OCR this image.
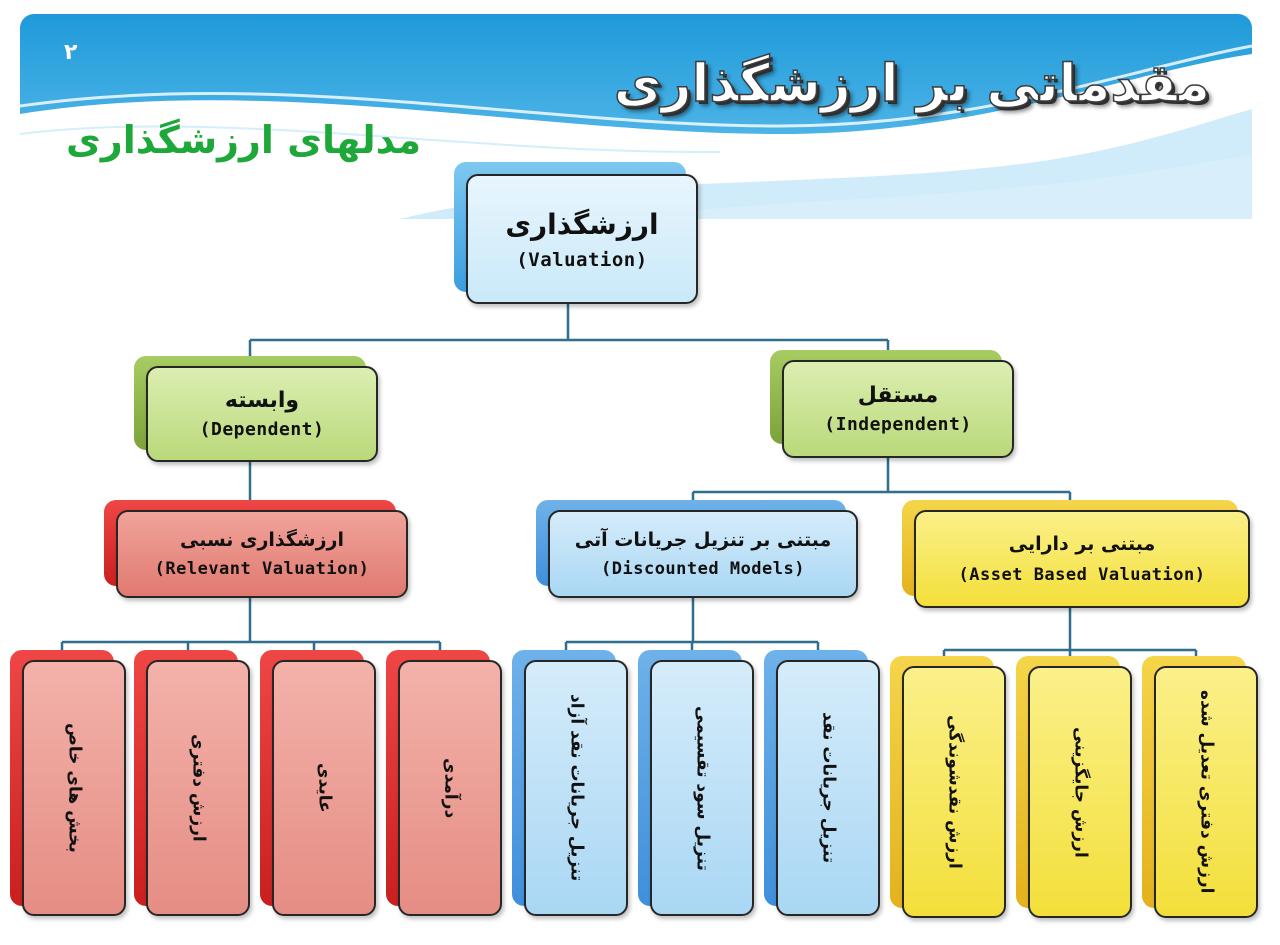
۲
مقدماتی بر ارزشگذاری
مدلهای ارزشگذاری
ارزشگذاری
(Valuation)
وابسته
(Dependent)
مستقل
(Independent)
ارزشگذاری نسبی
(Relevant Valuation)
مبتنی بر تنزیل جریانات آتی
(Discounted Models)
مبتنی بر دارایی
(Asset Based Valuation)
بخش های خاص	ارزش دفتری	عایدی	درآمدی	تنزیل جریانات نقد آزاد	تنزیل سود تقسیمی	تنزیل جریانات نقد	ارزش نقدشوندگی	ارزش جایگزینی	ارزش دفتری تعدیل شده
